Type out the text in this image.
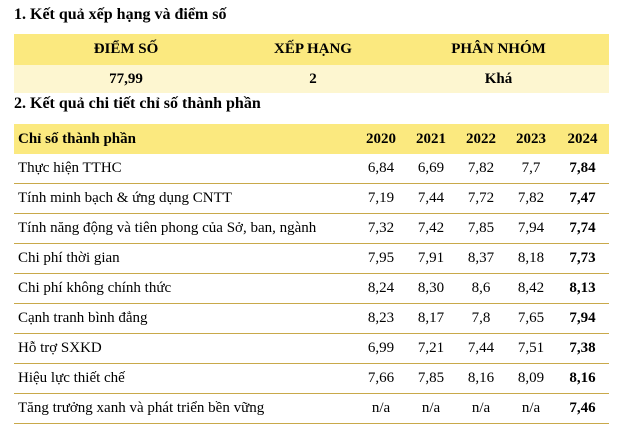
1. Kết quả xếp hạng và điểm số
ĐIỂM SỐ	XẾP HẠNG	PHÂN NHÓM
77,99	2	Khá
2. Kết quả chi tiết chỉ số thành phần
Chỉ số thành phần	2020	2021	2022	2023	2024
Thực hiện TTHC	6,84	6,69	7,82	7,7	7,84
Tính minh bạch & ứng dụng CNTT	7,19	7,44	7,72	7,82	7,47
Tính năng động và tiên phong của Sở, ban, ngành	7,32	7,42	7,85	7,94	7,74
Chi phí thời gian	7,95	7,91	8,37	8,18	7,73
Chi phí không chính thức	8,24	8,30	8,6	8,42	8,13
Cạnh tranh bình đẳng	8,23	8,17	7,8	7,65	7,94
Hỗ trợ SXKD	6,99	7,21	7,44	7,51	7,38
Hiệu lực thiết chế	7,66	7,85	8,16	8,09	8,16
Tăng trưởng xanh và phát triển bền vững	n/a	n/a	n/a	n/a	7,46
